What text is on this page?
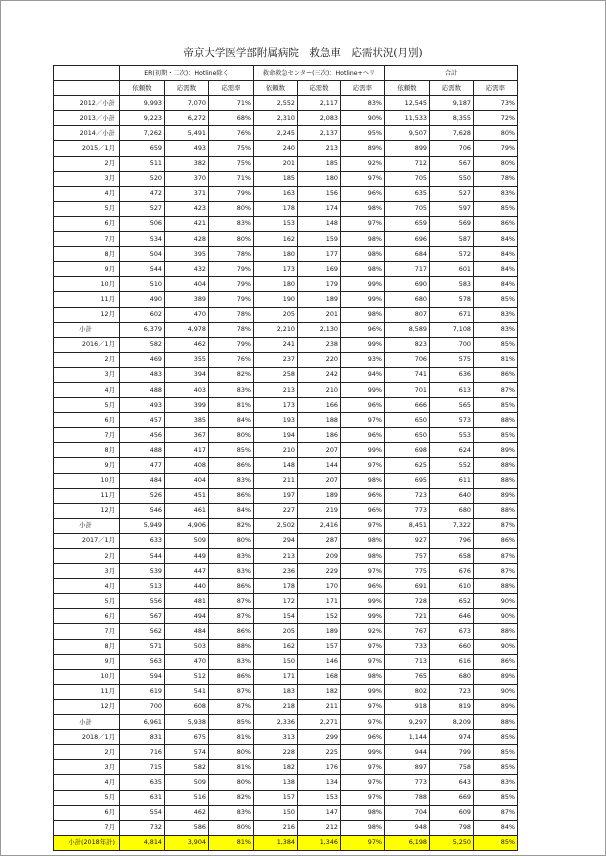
帝京大学医学部附属病院　救急車　応需状況(月別)
	ER(初期・二次)：Hotline除く			救命救急センター(三次)：Hotline+ヘリ			合計		
	依頼数	応需数	応需率	依頼数	応需数	応需率	依頼数	応需数	応需率
2012／小計	9,993	7,070	71%	2,552	2,117	83%	12,545	9,187	73%
2013／小計	9,223	6,272	68%	2,310	2,083	90%	11,533	8,355	72%
2014／小計	7,262	5,491	76%	2,245	2,137	95%	9,507	7,628	80%
2015／1月	659	493	75%	240	213	89%	899	706	79%
2月	511	382	75%	201	185	92%	712	567	80%
3月	520	370	71%	185	180	97%	705	550	78%
4月	472	371	79%	163	156	96%	635	527	83%
5月	527	423	80%	178	174	98%	705	597	85%
6月	506	421	83%	153	148	97%	659	569	86%
7月	534	428	80%	162	159	98%	696	587	84%
8月	504	395	78%	180	177	98%	684	572	84%
9月	544	432	79%	173	169	98%	717	601	84%
10月	510	404	79%	180	179	99%	690	583	84%
11月	490	389	79%	190	189	99%	680	578	85%
12月	602	470	78%	205	201	98%	807	671	83%
小計	6,379	4,978	78%	2,210	2,130	96%	8,589	7,108	83%
2016／1月	582	462	79%	241	238	99%	823	700	85%
2月	469	355	76%	237	220	93%	706	575	81%
3月	483	394	82%	258	242	94%	741	636	86%
4月	488	403	83%	213	210	99%	701	613	87%
5月	493	399	81%	173	166	96%	666	565	85%
6月	457	385	84%	193	188	97%	650	573	88%
7月	456	367	80%	194	186	96%	650	553	85%
8月	488	417	85%	210	207	99%	698	624	89%
9月	477	408	86%	148	144	97%	625	552	88%
10月	484	404	83%	211	207	98%	695	611	88%
11月	526	451	86%	197	189	96%	723	640	89%
12月	546	461	84%	227	219	96%	773	680	88%
小計	5,949	4,906	82%	2,502	2,416	97%	8,451	7,322	87%
2017／1月	633	509	80%	294	287	98%	927	796	86%
2月	544	449	83%	213	209	98%	757	658	87%
3月	539	447	83%	236	229	97%	775	676	87%
4月	513	440	86%	178	170	96%	691	610	88%
5月	556	481	87%	172	171	99%	728	652	90%
6月	567	494	87%	154	152	99%	721	646	90%
7月	562	484	86%	205	189	92%	767	673	88%
8月	571	503	88%	162	157	97%	733	660	90%
9月	563	470	83%	150	146	97%	713	616	86%
10月	594	512	86%	171	168	98%	765	680	89%
11月	619	541	87%	183	182	99%	802	723	90%
12月	700	608	87%	218	211	97%	918	819	89%
小計	6,961	5,938	85%	2,336	2,271	97%	9,297	8,209	88%
2018／1月	831	675	81%	313	299	96%	1,144	974	85%
2月	716	574	80%	228	225	99%	944	799	85%
3月	715	582	81%	182	176	97%	897	758	85%
4月	635	509	80%	138	134	97%	773	643	83%
5月	631	516	82%	157	153	97%	788	669	85%
6月	554	462	83%	150	147	98%	704	609	87%
7月	732	586	80%	216	212	98%	948	798	84%
小計(2018年計)	4,814	3,904	81%	1,384	1,346	97%	6,198	5,250	85%
